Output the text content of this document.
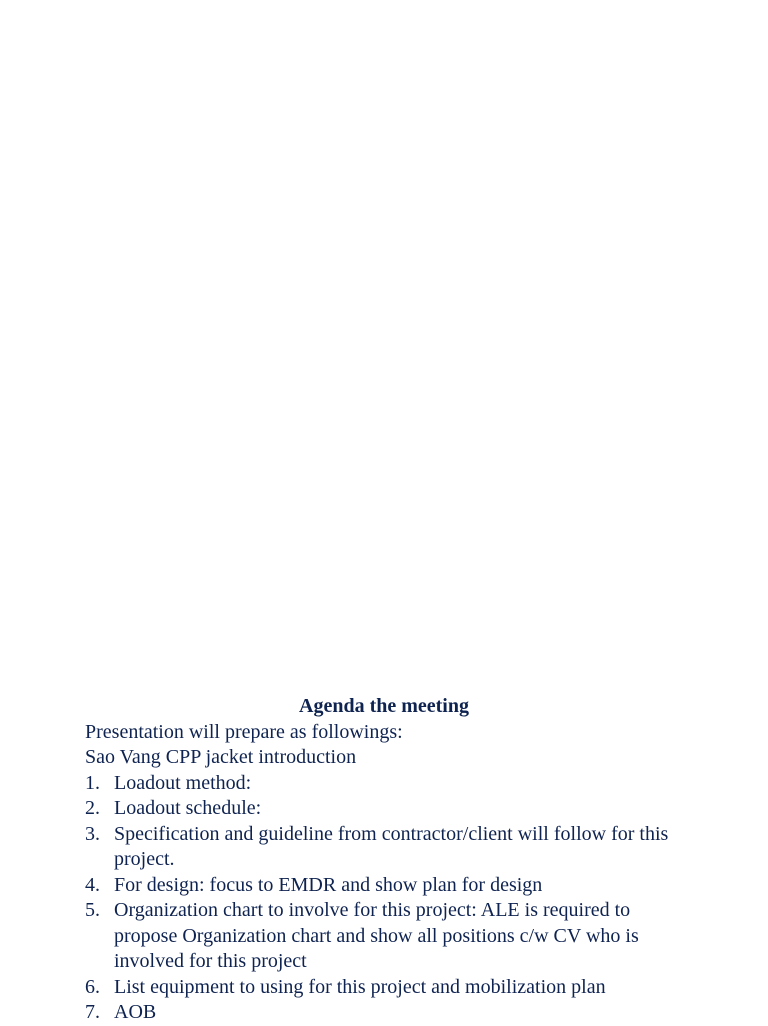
Agenda the meeting

Presentation will prepare as followings:

Sao Vang CPP jacket introduction

1. Loadout method:
2. Loadout schedule:
3. Specification and guideline from contractor/client will follow for this project.
4. For design: focus to EMDR and show plan for design
5. Organization chart to involve for this project: ALE is required to propose Organization chart and show all positions c/w CV who is involved for this project
6. List equipment to using for this project and mobilization plan
7. AOB
